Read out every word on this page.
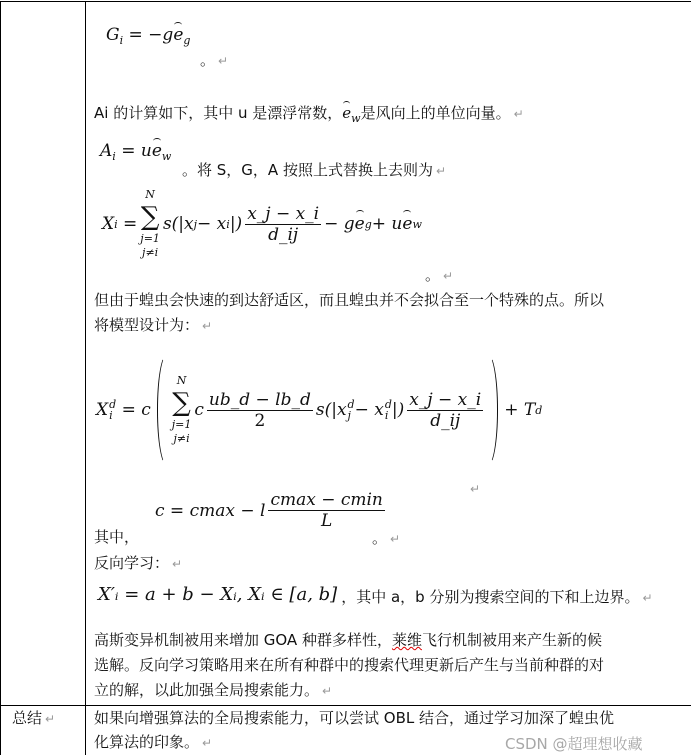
$G_i = -ge_g$
。 ↵
Ai 的计算如下，其中 u 是漂浮常数，$e_w$是风向上的单位向量。 ↵
$A_i = ue_w$
。将 S，G，A 按照上式替换上去则为 ↵
X i
=
N
∑
j=1
j≠i
s(|x j − x i |) $\frac{x\_j - x\_i}{d\_ij} - g$ e g + u e w
。 ↵
但由于蝗虫会快速的到达舒适区，而且蝗虫并不会拟合至一个特殊的点。所以
将模型设计为： ↵
X d
i
= c
N
∑
j=1
j≠i
c $\frac{ub\_d - lb\_d}{2} s(|x$ d
j − x d
i |) $\frac{x\_j - x\_i}{d\_ij} + T$ d
↵
c = cmax − l $\frac{cmax - cmin}{L}$
其中，	。 ↵
反向学习： ↵
X′ᵢ = a + b − Xᵢ, Xᵢ ∈ [a, b] ，其中 a，b 分别为搜索空间的下和上边界。 ↵
高斯变异机制被用来增加 GOA 种群多样性，莱维飞行机制被用来产生新的候
选解。反向学习策略用来在所有种群中的搜索代理更新后产生与当前种群的对
立的解，以此加强全局搜索能力。 ↵
总结 ↵	如果向增强算法的全局搜索能力，可以尝试 OBL 结合，通过学习加深了蝗虫优
化算法的印象。 ↵	CSDN @超理想收藏
